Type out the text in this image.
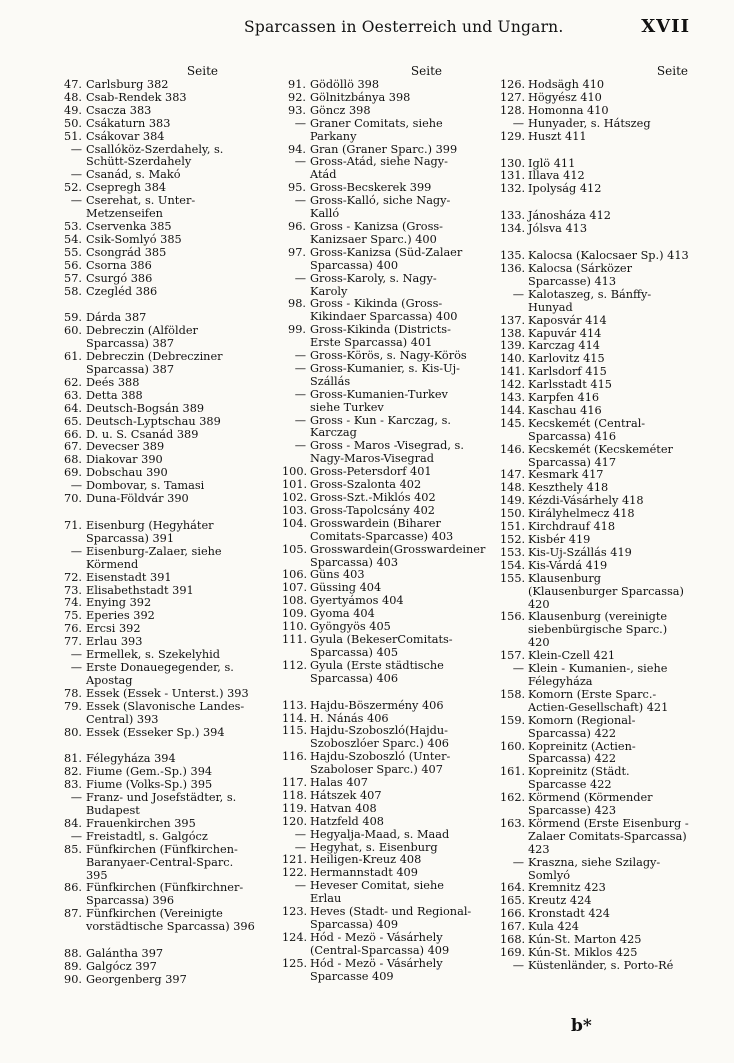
Sparcassen in Oesterreich und Ungarn.	XVII
Seite
47. Carlsburg 382
48. Csab-Rendek 383
49. Csacza 383
50. Csákaturn 383
51. Csákovar 384
— Csallóköz-Szerdahely, s. Schütt-Szerdahely
— Csanád, s. Makó
52. Csepregh 384
— Cserehat, s. Unter-Metzenseifen
53. Cservenka 385
54. Csik-Somlyó 385
55. Csongrád 385
56. Csorna 386
57. Csurgó 386
58. Czegléd 386
59. Dárda 387
60. Debreczin (Alfölder Sparcassa) 387
61. Debreczin (Debrecziner Sparcassa) 387
62. Deés 388
63. Detta 388
64. Deutsch-Bogsán 389
65. Deutsch-Lyptschau 389
66. D. u. S. Csanád 389
67. Devecser 389
68. Diakovar 390
69. Dobschau 390
— Dombovar, s. Tamasi
70. Duna-Földvár 390
71. Eisenburg (Hegyháter Sparcassa) 391
— Eisenburg-Zalaer, siehe Körmend
72. Eisenstadt 391
73. Elisabethstadt 391
74. Enying 392
75. Eperies 392
76. Ercsi 392
77. Erlau 393
— Ermellek, s. Szekelyhid
— Erste Donauegegender, s. Apostag
78. Essek (Essek - Unterst.) 393
79. Essek (Slavonische Landes-Central) 393
80. Essek (Esseker Sp.) 394
81. Félegyháza 394
82. Fiume (Gem.-Sp.) 394
83. Fiume (Volks-Sp.) 395
— Franz- und Josefstädter, s. Budapest
84. Frauenkirchen 395
— Freistadtl, s. Galgócz
85. Fünfkirchen (Fünfkirchen-Baranyaer-Central-Sparc. 395
86. Fünfkirchen (Fünfkirchner-Sparcassa) 396
87. Fünfkirchen (Vereinigte vorstädtische Sparcassa) 396
88. Galántha 397
89. Galgócz 397
90. Georgenberg 397
Seite
91. Gödöllö 398
92. Gölnitzbánya 398
93. Göncz 398
— Graner Comitats, siehe Parkany
94. Gran (Graner Sparc.) 399
— Gross-Atád, siehe Nagy-Atád
95. Gross-Becskerek 399
— Gross-Kalló, siche Nagy-Kalló
96. Gross - Kanizsa (Gross-Kanizsaer Sparc.) 400
97. Gross-Kanizsa (Süd-Zalaer Sparcassa) 400
— Gross-Karoly, s. Nagy-Karoly
98. Gross - Kikinda (Gross-Kikindaer Sparcassa) 400
99. Gross-Kikinda (Districts-Erste Sparcassa) 401
— Gross-Körös, s. Nagy-Körös
— Gross-Kumanier, s. Kis-Uj-Szállás
— Gross-Kumanien-Turkev siehe Turkev
— Gross - Kun - Karczag, s. Karczag
— Gross - Maros -Visegrad, s. Nagy-Maros-Visegrad
100. Gross-Petersdorf 401
101. Gross-Szalonta 402
102. Gross-Szt.-Miklós 402
103. Gross-Tapolcsány 402
104. Grosswardein (Biharer Comitats-Sparcasse) 403
105. Grosswardein(Grosswardeiner Sparcassa) 403
106. Güns 403
107. Güssing 404
108. Gyertyámos 404
109. Gyoma 404
110. Gyöngyös 405
111. Gyula (BekeserComitats-Sparcassa) 405
112. Gyula (Erste städtische Sparcassa) 406
113. Hajdu-Böszermény 406
114. H. Nánás 406
115. Hajdu-Szoboszló(Hajdu-Szoboszlóer Sparc.) 406
116. Hajdu-Szoboszló (Unter-Szaboloser Sparc.) 407
117. Halas 407
118. Hátszek 407
119. Hatvan 408
120. Hatzfeld 408
— Hegyalja-Maad, s. Maad
— Hegyhat, s. Eisenburg
121. Heiligen-Kreuz 408
122. Hermannstadt 409
— Heveser Comitat, siehe Erlau
123. Heves (Stadt- und Regional-Sparcassa) 409
124. Hód - Mezö - Vásárhely (Central-Sparcassa) 409
125. Hód - Mezö - Vásárhely Sparcasse 409
Seite
126. Hodsägh 410
127. Högyész 410
128. Homonna 410
— Hunyader, s. Hátszeg
129. Huszt 411
130. Iglö 411
131. Illava 412
132. Ipolyság 412
133. Jánosháza 412
134. Jólsva 413
135. Kalocsa (Kalocsaer Sp.) 413
136. Kalocsa (Sárközer Sparcasse) 413
— Kalotaszeg, s. Bánffy-Hunyad
137. Kaposvár 414
138. Kapuvár 414
139. Karczag 414
140. Karlovitz 415
141. Karlsdorf 415
142. Karlsstadt 415
143. Karpfen 416
144. Kaschau 416
145. Kecskemét (Central-Sparcassa) 416
146. Kecskemét (Kecskeméter Sparcassa) 417
147. Kesmark 417
148. Keszthely 418
149. Kézdi-Vásárhely 418
150. Királyhelmecz 418
151. Kirchdrauf 418
152. Kisbér 419
153. Kis-Uj-Szállás 419
154. Kis-Várdá 419
155. Klausenburg (Klausenburger Sparcassa) 420
156. Klausenburg (vereinigte siebenbürgische Sparc.) 420
157. Klein-Czell 421
— Klein - Kumanien-, siehe Félegyháza
158. Komorn (Erste Sparc.-Actien-Gesellschaft) 421
159. Komorn (Regional-Sparcassa) 422
160. Kopreinitz (Actien-Sparcassa) 422
161. Kopreinitz (Städt. Sparcasse 422
162. Körmend (Körmender Sparcasse) 423
163. Körmend (Erste Eisenburg - Zalaer Comitats-Sparcassa) 423
— Kraszna, siehe Szilagy-Somlyó
164. Kremnitz 423
165. Kreutz 424
166. Kronstadt 424
167. Kula 424
168. Kún-St. Marton 425
169. Kún-St. Miklos 425
— Küstenländer, s. Porto-Ré
b*
